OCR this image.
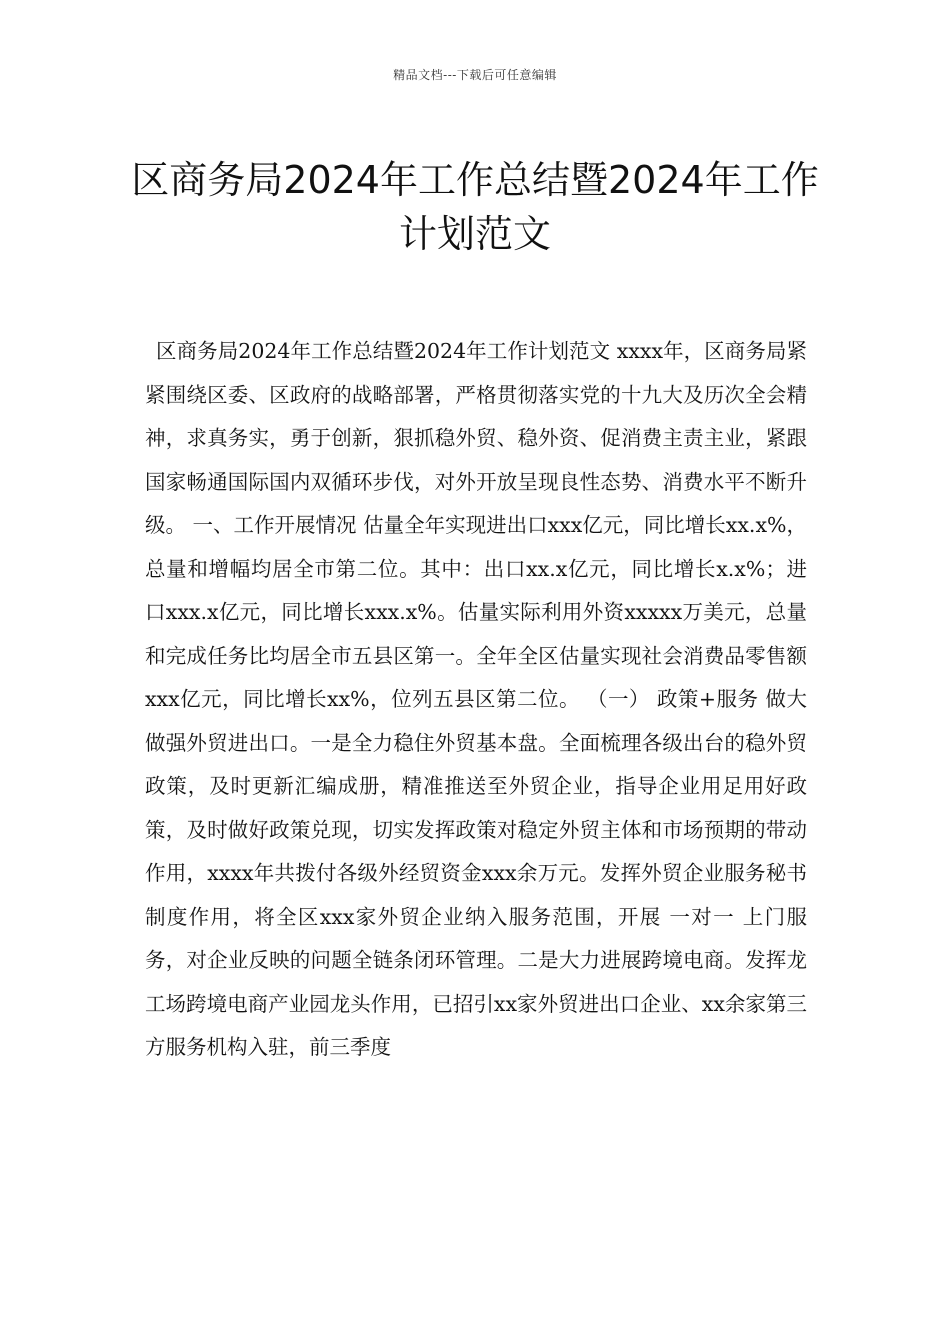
精品文档---下载后可任意编辑
区商务局2024年工作总结暨2024年工作计划范文

区商务局2024年工作总结暨2024年工作计划范文 xxxx年，区商务局紧紧围绕区委、区政府的战略部署，严格贯彻落实党的十九大及历次全会精神，求真务实，勇于创新，狠抓稳外贸、稳外资、促消费主责主业，紧跟国家畅通国际国内双循环步伐，对外开放呈现良性态势、消费水平不断升级。 一、工作开展情况 估量全年实现进出口xxx亿元，同比增长xx.x%，总量和增幅均居全市第二位。其中：出口xx.x亿元，同比增长x.x%；进口xxx.x亿元，同比增长xxx.x%。估量实际利用外资xxxxx万美元，总量和完成任务比均居全市五县区第一。全年全区估量实现社会消费品零售额xxx亿元，同比增长xx%，位列五县区第二位。 （一） 政策+服务 做大做强外贸进出口。一是全力稳住外贸基本盘。全面梳理各级出台的稳外贸政策，及时更新汇编成册，精准推送至外贸企业，指导企业用足用好政策，及时做好政策兑现，切实发挥政策对稳定外贸主体和市场预期的带动作用，xxxx年共拨付各级外经贸资金xxx余万元。发挥外贸企业服务秘书制度作用，将全区xxx家外贸企业纳入服务范围，开展 一对一 上门服务，对企业反映的问题全链条闭环管理。二是大力进展跨境电商。发挥龙工场跨境电商产业园龙头作用，已招引xx家外贸进出口企业、xx余家第三方服务机构入驻，前三季度
